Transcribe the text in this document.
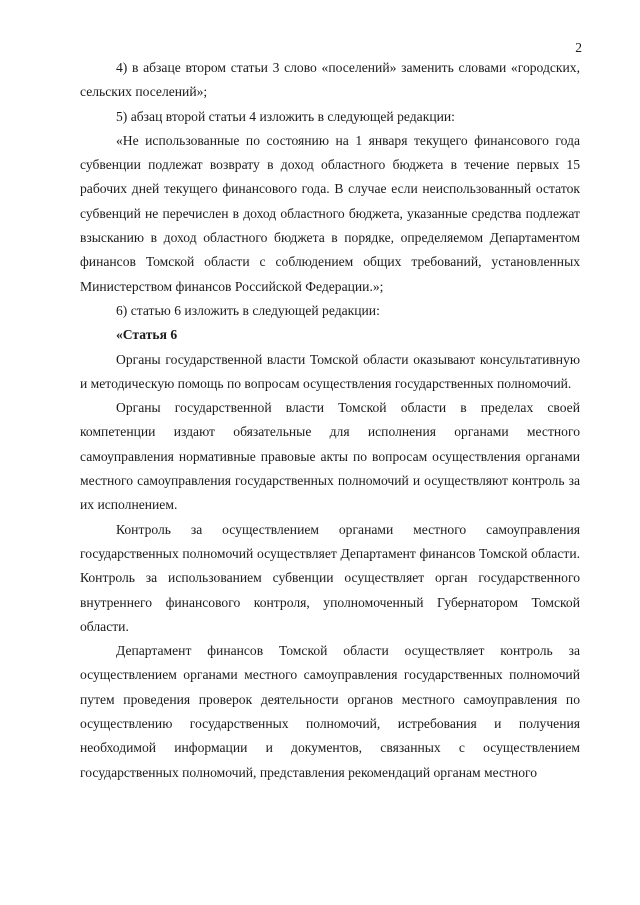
2

4) в абзаце втором статьи 3 слово «поселений» заменить словами «городских, сельских поселений»;

5) абзац второй статьи 4 изложить в следующей редакции:

«Не использованные по состоянию на 1 января текущего финансового года субвенции подлежат возврату в доход областного бюджета в течение первых 15 рабочих дней текущего финансового года. В случае если неиспользованный остаток субвенций не перечислен в доход областного бюджета, указанные средства подлежат взысканию в доход областного бюджета в порядке, определяемом Департаментом финансов Томской области с соблюдением общих требований, установленных Министерством финансов Российской Федерации.»;

6) статью 6 изложить в следующей редакции:

«Статья 6

Органы государственной власти Томской области оказывают консультативную и методическую помощь по вопросам осуществления государственных полномочий.

Органы государственной власти Томской области в пределах своей компетенции издают обязательные для исполнения органами местного самоуправления нормативные правовые акты по вопросам осуществления органами местного самоуправления государственных полномочий и осуществляют контроль за их исполнением.

Контроль за осуществлением органами местного самоуправления государственных полномочий осуществляет Департамент финансов Томской области. Контроль за использованием субвенции осуществляет орган государственного внутреннего финансового контроля, уполномоченный Губернатором Томской области.

Департамент финансов Томской области осуществляет контроль за осуществлением органами местного самоуправления государственных полномочий путем проведения проверок деятельности органов местного самоуправления по осуществлению государственных полномочий, истребования и получения необходимой информации и документов, связанных с осуществлением государственных полномочий, представления рекомендаций органам местного
